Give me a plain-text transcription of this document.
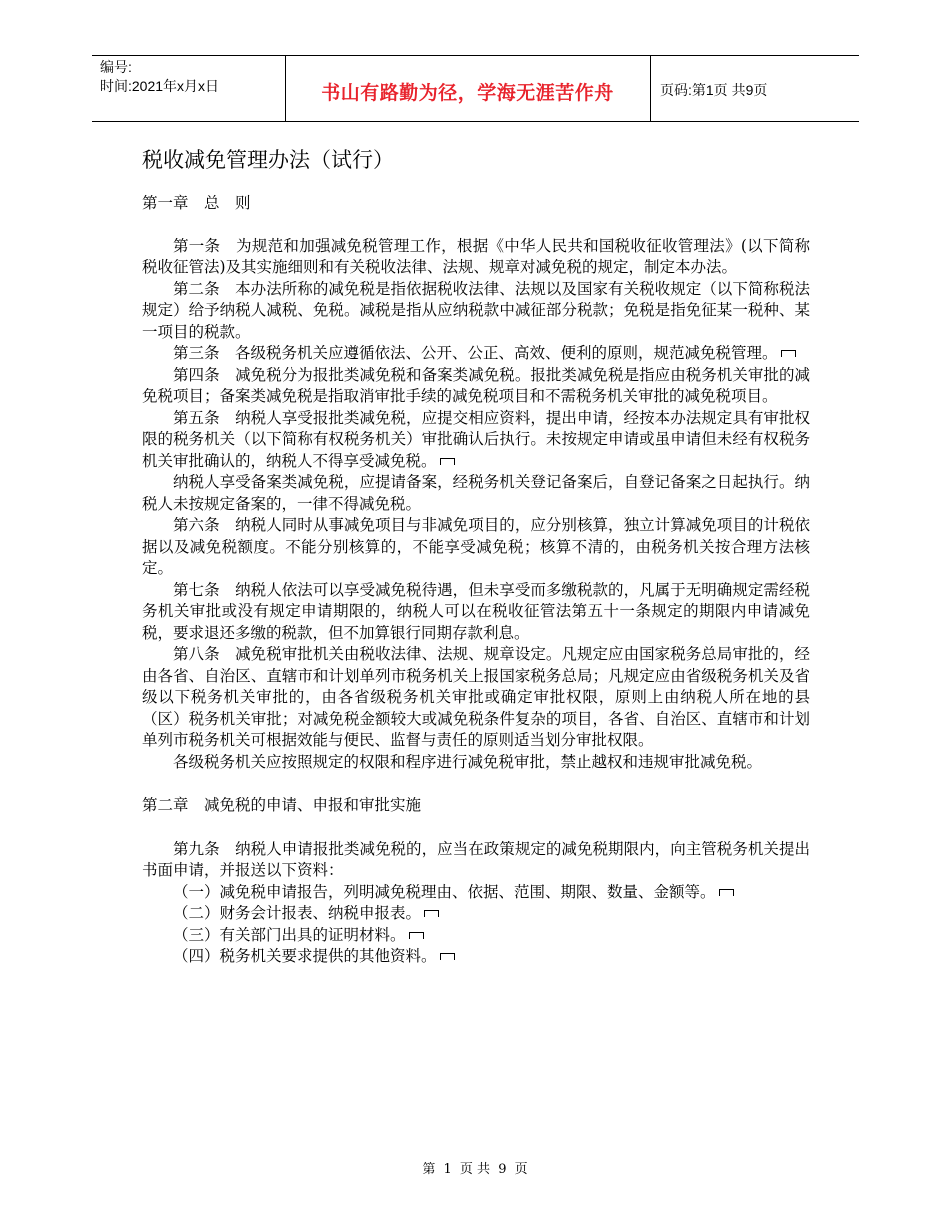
编号:
时间:2021年x月x日	书山有路勤为径，学海无涯苦作舟	页码:第1页 共9页
税收减免管理办法（试行）

第一章　总　则

第一条　为规范和加强减免税管理工作，根据《中华人民共和国税收征收管理法》(以下简称税收征管法)及其实施细则和有关税收法律、法规、规章对减免税的规定，制定本办法。

第二条　本办法所称的减免税是指依据税收法律、法规以及国家有关税收规定（以下简称税法规定）给予纳税人减税、免税。减税是指从应纳税款中减征部分税款；免税是指免征某一税种、某一项目的税款。

第三条　各级税务机关应遵循依法、公开、公正、高效、便利的原则，规范减免税管理。

第四条　减免税分为报批类减免税和备案类减免税。报批类减免税是指应由税务机关审批的减免税项目；备案类减免税是指取消审批手续的减免税项目和不需税务机关审批的减免税项目。

第五条　纳税人享受报批类减免税，应提交相应资料，提出申请，经按本办法规定具有审批权限的税务机关（以下简称有权税务机关）审批确认后执行。未按规定申请或虽申请但未经有权税务机关审批确认的，纳税人不得享受减免税。

纳税人享受备案类减免税，应提请备案，经税务机关登记备案后，自登记备案之日起执行。纳税人未按规定备案的，一律不得减免税。

第六条　纳税人同时从事减免项目与非减免项目的，应分别核算，独立计算减免项目的计税依据以及减免税额度。不能分别核算的，不能享受减免税；核算不清的，由税务机关按合理方法核定。

第七条　纳税人依法可以享受减免税待遇，但未享受而多缴税款的，凡属于无明确规定需经税务机关审批或没有规定申请期限的，纳税人可以在税收征管法第五十一条规定的期限内申请减免税，要求退还多缴的税款，但不加算银行同期存款利息。

第八条　减免税审批机关由税收法律、法规、规章设定。凡规定应由国家税务总局审批的，经由各省、自治区、直辖市和计划单列市税务机关上报国家税务总局；凡规定应由省级税务机关及省级以下税务机关审批的，由各省级税务机关审批或确定审批权限，原则上由纳税人所在地的县（区）税务机关审批；对减免税金额较大或减免税条件复杂的项目，各省、自治区、直辖市和计划单列市税务机关可根据效能与便民、监督与责任的原则适当划分审批权限。

各级税务机关应按照规定的权限和程序进行减免税审批，禁止越权和违规审批减免税。

第二章　减免税的申请、申报和审批实施

第九条　纳税人申请报批类减免税的，应当在政策规定的减免税期限内，向主管税务机关提出书面申请，并报送以下资料：

（一）减免税申请报告，列明减免税理由、依据、范围、期限、数量、金额等。

（二）财务会计报表、纳税申报表。

（三）有关部门出具的证明材料。

（四）税务机关要求提供的其他资料。

第 1 页 共 9 页
